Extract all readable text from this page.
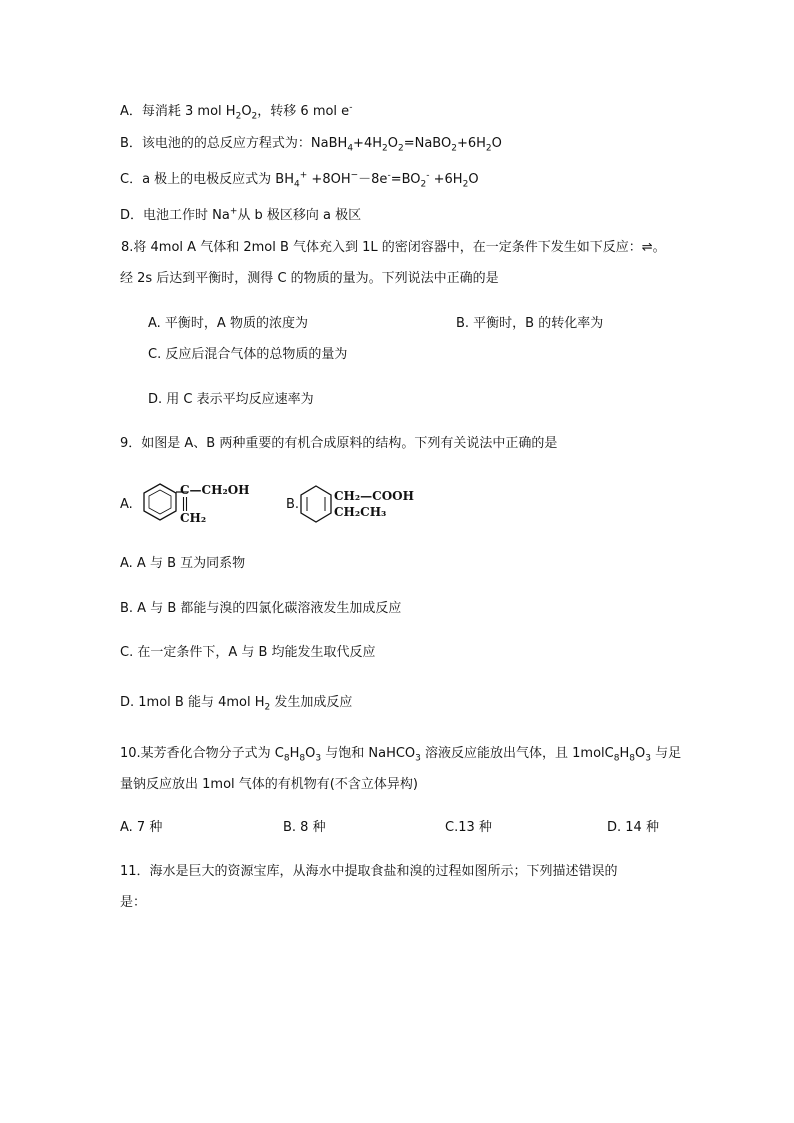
A．每消耗 3 mol $H_2O_2$，转移 6 mol e-
B．该电池的的总反应方程式为：$NaBH_4+4H_2O_2=NaBO_2+6H_2O$
C．a 极上的电极反应式为 $BH_4^+ +8OH^--8e^-=BO_2^- +6H_2O$
D．电池工作时 Na+从 b 极区移向 a 极区
8.将 4mol A 气体和 2mol B 气体充入到 1L 的密闭容器中，在一定条件下发生如下反应：⇌。
经 2s 后达到平衡时，测得 C 的物质的量为。下列说法中正确的是
A. 平衡时，A 物质的浓度为	B. 平衡时，B 的转化率为
C. 反应后混合气体的总物质的量为
D. 用 C 表示平均反应速率为
9．如图是 A、B 两种重要的有机合成原料的结构。下列有关说法中正确的是
A.
C—CH₂OH
CH₂
B.
CH₂—COOH
CH₂CH₃
A. A 与 B 互为同系物
B. A 与 B 都能与溴的四氯化碳溶液发生加成反应
C. 在一定条件下，A 与 B 均能发生取代反应
D. 1mol B 能与 4mol $H_2$ 发生加成反应
10.某芳香化合物分子式为 $C_8H_8O_3$ 与饱和 NaHCO$_3$ 溶液反应能放出气体，且 $1molC_8H_8O_3$ 与足
量钠反应放出 1mol 气体的有机物有(不含立体异构)
A. 7 种	B. 8 种	C.13 种	D. 14 种
11．海水是巨大的资源宝库，从海水中提取食盐和溴的过程如图所示；下列描述错误的
是：
